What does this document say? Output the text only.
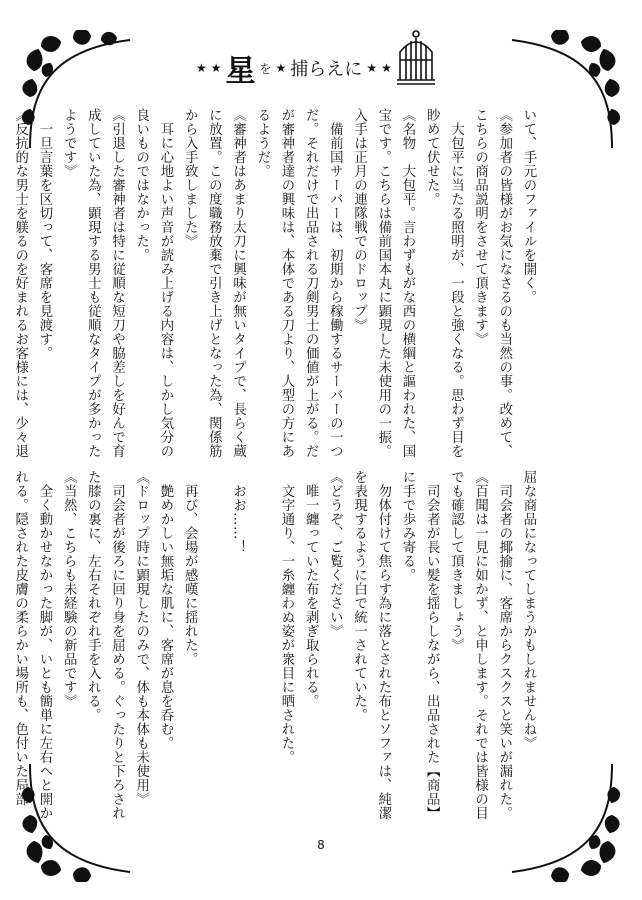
★ ★ 星 を ★ 捕らえに ★ ★
いて、手元のファイルを開く。
《参加者の皆様がお気になさるのも当然の事。改めて、
こちらの商品説明をさせて頂きます》
　大包平に当たる照明が、一段と強くなる。思わず目を
眇めて伏せた。
《名物　大包平。言わずもがな西の横綱と謳われた、国
宝です。こちらは備前国本丸に顕現した未使用の一振。
入手は正月の連隊戦でのドロップ》
　備前国サーバーは、初期から稼働するサーバーの一つ
だ。それだけで出品される刀剣男士の価値が上がる。だ
が審神者達の興味は、本体である刀より、人型の方にあ
るようだ。
《審神者はあまり太刀に興味が無いタイプで、長らく蔵
に放置。この度職務放棄で引き上げとなった為、関係筋
から入手致しました》
　耳に心地よい声音が読み上げる内容は、しかし気分の
良いものではなかった。
《引退した審神者は特に従順な短刀や脇差しを好んで育
成していた為、顕現する男士も従順なタイプが多かった
ようです》
　一旦言葉を区切って、客席を見渡す。
《反抗的な男士を躾るのを好まれるお客様には、少々退
屈な商品になってしまうかもしれませんね》
　司会者の揶揄に、客席からクスクスと笑いが漏れた。
《百聞は一見に如かず、と申します。それでは皆様の目
でも確認して頂きましょう》
　司会者が長い髪を揺らしながら、出品された【商品】
に手で歩み寄る。
　勿体付けて焦らす為に落とされた布とソファは、純潔
を表現するように白で統一されていた。
《どうぞ、ご覧ください》
　唯一纏っていた布を剥ぎ取られる。
　文字通り、一糸纏わぬ姿が衆目に晒された。

　おお……！

　再び、会場が感嘆に揺れた。
　艶めかしい無垢な肌に、客席が息を呑む。
《ドロップ時に顕現したのみで、体も本体も未使用》
　司会者が後ろに回り身を屈める。ぐったりと下ろされ
た膝の裏に、左右それぞれ手を入れる。
《当然、こちらも未経験の新品です》
　全く動かせなかった脚が、いとも簡単に左右へと開か
れる。隠された皮膚の柔らかい場所も、色付いた局部
8
